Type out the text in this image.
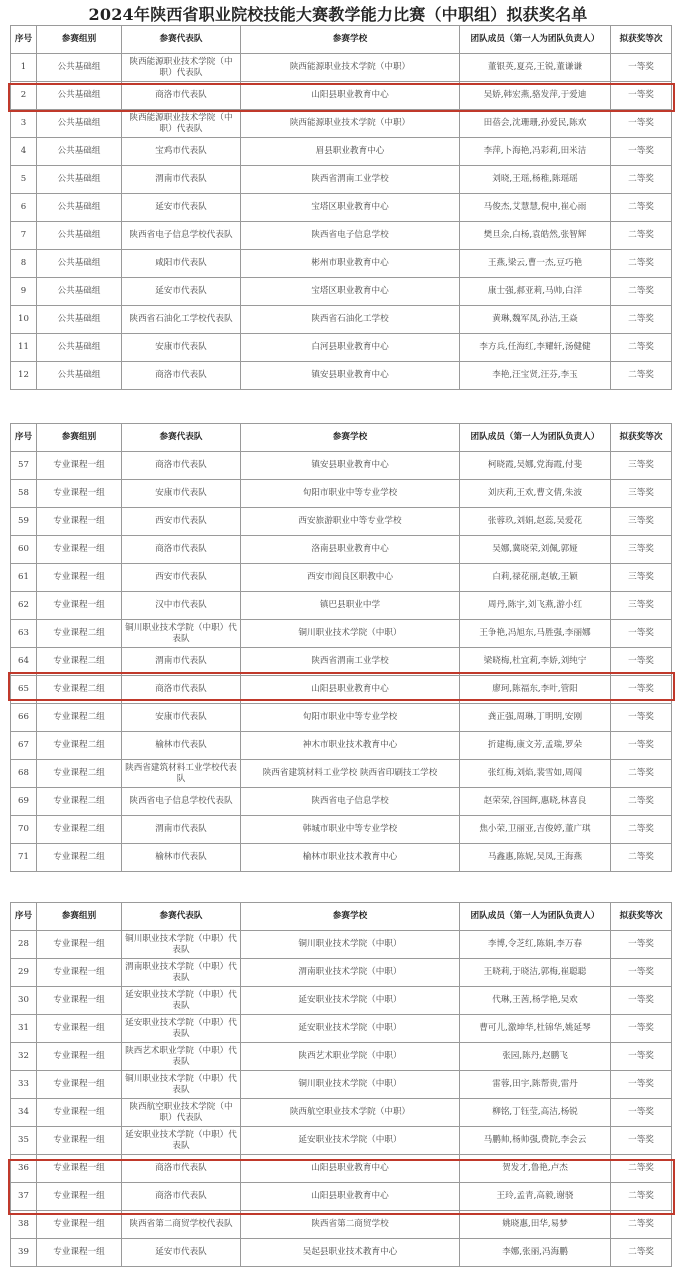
2024年陕西省职业院校技能大赛教学能力比赛（中职组）拟获奖名单
序号	参赛组别	参赛代表队	参赛学校	团队成员（第一人为团队负责人）	拟获奖等次
1	公共基础组	陕西能源职业技术学院（中职）代表队	陕西能源职业技术学院（中职）	董银英,夏亮,王锐,董谦谦	一等奖
2	公共基础组	商洛市代表队	山阳县职业教育中心	吴娇,韩宏燕,骆发萍,于爱迪	一等奖
3	公共基础组	陕西能源职业技术学院（中职）代表队	陕西能源职业技术学院（中职）	田蓓会,沈珊珊,孙爱民,陈欢	一等奖
4	公共基础组	宝鸡市代表队	眉县职业教育中心	李萍,卜海艳,冯彩莉,田米洁	一等奖
5	公共基础组	渭南市代表队	陕西省渭南工业学校	刘晓,王瑶,杨稚,陈瑶瑶	二等奖
6	公共基础组	延安市代表队	宝塔区职业教育中心	马俊杰,艾慧慧,倪申,崔心雨	二等奖
7	公共基础组	陕西省电子信息学校代表队	陕西省电子信息学校	樊旦余,白杨,袁皓然,张智辉	二等奖
8	公共基础组	咸阳市代表队	彬州市职业教育中心	王燕,梁云,曹一杰,豆巧艳	二等奖
9	公共基础组	延安市代表队	宝塔区职业教育中心	康士强,郝亚莉,马帅,白洋	二等奖
10	公共基础组	陕西省石油化工学校代表队	陕西省石油化工学校	黄琳,魏军凤,孙洁,王焱	二等奖
11	公共基础组	安康市代表队	白河县职业教育中心	李方兵,任海红,李耀轩,汤健健	二等奖
12	公共基础组	商洛市代表队	镇安县职业教育中心	李艳,汪宝贤,汪芬,李玉	二等奖
序号	参赛组别	参赛代表队	参赛学校	团队成员（第一人为团队负责人）	拟获奖等次
57	专业课程一组	商洛市代表队	镇安县职业教育中心	柯晓霞,吴娜,党海霞,付斐	三等奖
58	专业课程一组	安康市代表队	旬阳市职业中等专业学校	刘庆莉,王欢,曹文倩,朱波	三等奖
59	专业课程一组	西安市代表队	西安旅游职业中等专业学校	张蓉玖,刘娟,赵蕊,吴爱花	三等奖
60	专业课程一组	商洛市代表队	洛南县职业教育中心	吴娜,冀晓荣,刘佩,郭娅	三等奖
61	专业课程一组	西安市代表队	西安市阎良区职教中心	白莉,禄花丽,赵敏,王颖	三等奖
62	专业课程一组	汉中市代表队	镇巴县职业中学	周丹,陈宇,刘飞燕,游小红	三等奖
63	专业课程二组	铜川职业技术学院（中职）代表队	铜川职业技术学院（中职）	王争艳,冯旭东,马胜强,李丽娜	一等奖
64	专业课程二组	渭南市代表队	陕西省渭南工业学校	梁晓梅,杜宜莉,李娇,刘纯宁	一等奖
65	专业课程二组	商洛市代表队	山阳县职业教育中心	廖珂,陈福东,李叶,管阳	一等奖
66	专业课程二组	安康市代表队	旬阳市职业中等专业学校	龚正强,周琳,丁明明,安刚	一等奖
67	专业课程二组	榆林市代表队	神木市职业技术教育中心	折建梅,康文芳,孟瑞,罗朵	一等奖
68	专业课程二组	陕西省建筑材料工业学校代表队	陕西省建筑材料工业学校 陕西省印刷技工学校	张红梅,刘焰,裴雪如,周闯	二等奖
69	专业课程二组	陕西省电子信息学校代表队	陕西省电子信息学校	赵荣荣,谷国辉,惠晓,林喜良	二等奖
70	专业课程二组	渭南市代表队	韩城市职业中等专业学校	焦小荣,卫丽亚,吉俊婷,董广琪	二等奖
71	专业课程二组	榆林市代表队	榆林市职业技术教育中心	马鑫惠,陈妮,吴凤,王海燕	二等奖
序号	参赛组别	参赛代表队	参赛学校	团队成员（第一人为团队负责人）	拟获奖等次
28	专业课程一组	铜川职业技术学院（中职）代表队	铜川职业技术学院（中职）	李博,令芝红,陈娟,李万春	一等奖
29	专业课程一组	渭南职业技术学院（中职）代表队	渭南职业技术学院（中职）	王晓莉,于晓洁,郭梅,崔聪聪	一等奖
30	专业课程一组	延安职业技术学院（中职）代表队	延安职业技术学院（中职）	代琳,王茜,杨学艳,吴欢	一等奖
31	专业课程一组	延安职业技术学院（中职）代表队	延安职业技术学院（中职）	曹可儿,激坤华,杜锦华,姚延琴	一等奖
32	专业课程一组	陕西艺术职业学院（中职）代表队	陕西艺术职业学院（中职）	张园,陈丹,赵鹏飞	一等奖
33	专业课程一组	铜川职业技术学院（中职）代表队	铜川职业技术学院（中职）	雷蓉,田宇,陈帮贵,雷丹	一等奖
34	专业课程一组	陕西航空职业技术学院（中职）代表队	陕西航空职业技术学院（中职）	柳铭,丁钰莹,高洁,杨锐	一等奖
35	专业课程一组	延安职业技术学院（中职）代表队	延安职业技术学院（中职）	马鹏帅,杨帅强,费院,李会云	一等奖
36	专业课程一组	商洛市代表队	山阳县职业教育中心	贺发才,鲁艳,卢杰	二等奖
37	专业课程一组	商洛市代表队	山阳县职业教育中心	王玲,孟青,高毅,谢骁	二等奖
38	专业课程一组	陕西省第二商贸学校代表队	陕西省第二商贸学校	姚晓惠,田华,易梦	二等奖
39	专业课程一组	延安市代表队	吴起县职业技术教育中心	李娜,张丽,冯海鹏	二等奖
